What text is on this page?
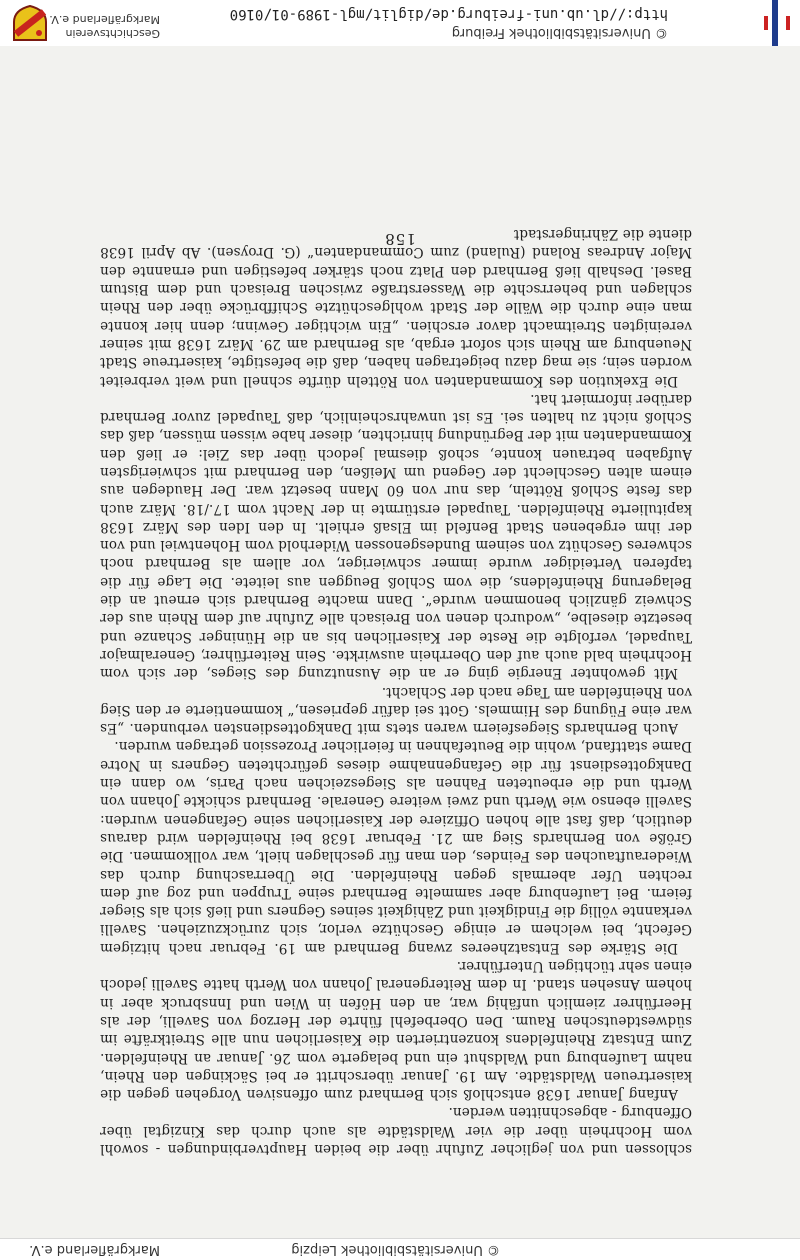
© Universitätsbibliothek Freiburg
http://dl.ub.uni-freiburg.de/diglit/mgl-1989-01/0160
Geschichtsverein
Markgräflerland e.V.

schlossen und von jeglicher Zufuhr über die beiden Hauptverbindungen - sowohl vom Hochrhein über die vier Waldstädte als auch durch das Kinzigtal über Offenburg - abgeschnitten werden.

Anfang Januar 1638 entschloß sich Bernhard zum offensiven Vorgehen gegen die kaisertreuen Waldstädte. Am 19. Januar überschritt er bei Säckingen den Rhein, nahm Laufenburg und Waldshut ein und belagerte vom 26. Januar an Rheinfelden. Zum Entsatz Rheinfeldens konzentrierten die Kaiserlichen nun alle Streitkräfte im südwestdeutschen Raum. Den Oberbefehl führte der Herzog von Savelli, der als Heerführer ziemlich unfähig war, an den Höfen in Wien und Innsbruck aber in hohem Ansehen stand. In dem Reitergeneral Johann von Werth hatte Savelli jedoch einen sehr tüchtigen Unterführer.

Die Stärke des Entsatzheeres zwang Bernhard am 19. Februar nach hitzigem Gefecht, bei welchem er einige Geschütze verlor, sich zurückzuziehen. Savelli verkannte völlig die Findigkeit und Zähigkeit seines Gegners und ließ sich als Sieger feiern. Bei Laufenburg aber sammelte Bernhard seine Truppen und zog auf dem rechten Ufer abermals gegen Rheinfelden. Die Überraschung durch das Wiederauftauchen des Feindes, den man für geschlagen hielt, war vollkommen. Die Größe von Bernhards Sieg am 21. Februar 1638 bei Rheinfelden wird daraus deutlich, daß fast alle hohen Offiziere der Kaiserlichen seine Gefangenen wurden: Savelli ebenso wie Werth und zwei weitere Generale. Bernhard schickte Johann von Werth und die erbeuteten Fahnen als Siegeszeichen nach Paris, wo dann ein Dankgottesdienst für die Gefangennahme dieses gefürchteten Gegners in Notre Dame stattfand, wohin die Beutefahnen in feierlicher Prozession getragen wurden.

Auch Bernhards Siegesfeiern waren stets mit Dankgottesdiensten verbunden. „Es war eine Fügung des Himmels. Gott sei dafür gepriesen,“ kommentierte er den Sieg von Rheinfelden am Tage nach der Schlacht.

Mit gewohnter Energie ging er an die Ausnutzung des Sieges, der sich vom Hochrhein bald auch auf den Oberrhein auswirkte. Sein Reiterführer, Generalmajor Taupadel, verfolgte die Reste der Kaiserlichen bis an die Hüninger Schanze und besetzte dieselbe, „wodurch denen von Breisach alle Zufuhr auf dem Rhein aus der Schweiz gänzlich benommen wurde“. Dann machte Bernhard sich erneut an die Belagerung Rheinfeldens, die vom Schloß Beuggen aus leitete. Die Lage für die tapferen Verteidiger wurde immer schwieriger, vor allem als Bernhard noch schweres Geschütz von seinem Bundesgenossen Widerhold vom Hohentwiel und von der ihm ergebenen Stadt Benfeld im Elsaß erhielt. In den Iden des März 1638 kapitulierte Rheinfelden. Taupadel erstürmte in der Nacht vom 17./18. März auch das feste Schloß Rötteln, das nur von 60 Mann besetzt war. Der Haudegen aus einem alten Geschlecht der Gegend um Meißen, den Bernhard mit schwierigsten Aufgaben betrauen konnte, schoß diesmal jedoch über das Ziel: er ließ den Kommandanten mit der Begründung hinrichten, dieser habe wissen müssen, daß das Schloß nicht zu halten sei. Es ist unwahrscheinlich, daß Taupadel zuvor Bernhard darüber informiert hat.

Die Exekution des Kommandanten von Rötteln dürfte schnell und weit verbreitet worden sein; sie mag dazu beigetragen haben, daß die befestigte, kaisertreue Stadt Neuenburg am Rhein sich sofort ergab, als Bernhard am 29. März 1638 mit seiner vereinigten Streitmacht davor erschien. „Ein wichtiger Gewinn; denn hier konnte man eine durch die Wälle der Stadt wohlgeschützte Schiffbrücke über den Rhein schlagen und beherrschte die Wasserstraße zwischen Breisach und dem Bistum Basel. Deshalb ließ Bernhard den Platz noch stärker befestigen und ernannte den Major Andreas Roland (Ruland) zum Commandanten“ (G. Droysen). Ab April 1638 diente die Zähringerstadt

158
© Universitätsbibliothek Leipzig
Markgräflerland e.V.
